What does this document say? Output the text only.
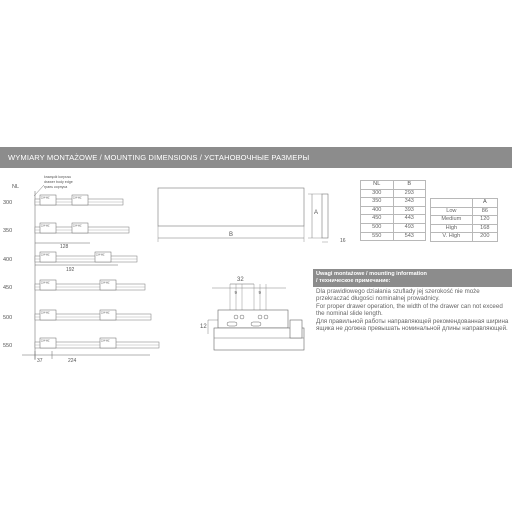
WYMIARY MONTAŻOWE / MOUNTING DIMENSIONS / УСТАНОВОЧНЫЕ РАЗМЕРЫ
NL
krawędź korpusu
drawer body edge
грань корпуса
300
224-WZ	224-WZ
350
224-WZ	224-WZ
400
224-WZ	224-WZ
450
224-WZ	224-WZ
500
224-WZ	224-WZ
550
224-WZ	224-WZ
128
192
37	224
B
A
16
NL	B
300	293
350	343
400	393
450	443
500	493
550	543
	A
Low	86
Medium	120
High	168
V. High	200
32
9	9
12
Uwagi montażowe / mounting information
/ техническое примечание:

Dla prawidłowego działania szuflady jej szerokość nie może przekraczać długości nominalnej prowadnicy.

For proper drawer operation, the width of the drawer can not exceed the nominal slide length.

Для правильной работы направляющей рекомендованная ширина ящика не должна превышать номинальной длины направляющей.
